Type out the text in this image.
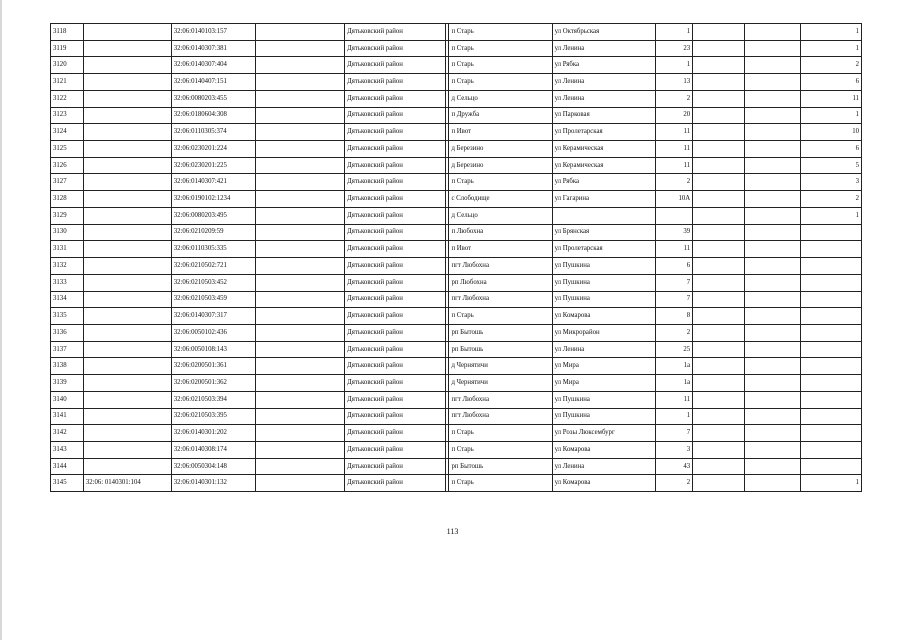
3118		32:06:0140103:157		Дятьковский район		п Старь	ул Октябрьская	1			1
3119		32:06:0140307:381		Дятьковский район		п Старь	ул Ленина	23			1
3120		32:06:0140307:404		Дятьковский район		п Старь	ул Рябка	1			2
3121		32:06:0140407:151		Дятьковский район		п Старь	ул Ленина	13			6
3122		32:06:0080203:455		Дятьковский район		д Сельцо	ул Ленина	2			11
3123		32:06:0180604:308		Дятьковский район		п Дружба	ул Парковая	20			1
3124		32:06:0110305:374		Дятьковский район		п Ивот	ул Пролетарская	11			10
3125		32:06:0230201:224		Дятьковский район		д Березино	ул Керамическая	11			6
3126		32:06:0230201:225		Дятьковский район		д Березино	ул Керамическая	11			5
3127		32:06:0140307:421		Дятьковский район		п Старь	ул Рябка	2			3
3128		32:06:0190102:1234		Дятьковский район		с Слободище	ул Гагарина	10А			2
3129		32:06:0080203:495		Дятьковский район		д Сельцо					1
3130		32:06:0210209:59		Дятьковский район		п Любохна	ул Брянская	39			
3131		32:06:0110305:335		Дятьковский район		п Ивот	ул Пролетарская	11			
3132		32:06:0210502:721		Дятьковский район		пгт Любохна	ул Пушкина	6			
3133		32:06:0210503:452		Дятьковский район		рп Любохна	ул Пушкина	7			
3134		32:06:0210503:459		Дятьковский район		пгт Любохна	ул Пушкина	7			
3135		32:06:0140307:317		Дятьковский район		п Старь	ул Комарова	8			
3136		32:06:0050102:436		Дятьковский район		рп Бытошь	ул Микрорайон	2			
3137		32:06:0050108:143		Дятьковский район		рп Бытошь	ул Ленина	25			
3138		32:06:0200501:361		Дятьковский район		д Чернятичи	ул Мира	1а			
3139		32:06:0200501:362		Дятьковский район		д Чернятичи	ул Мира	1а			
3140		32:06:0210503:394		Дятьковский район		пгт Любохна	ул Пушкина	11			
3141		32:06:0210503:395		Дятьковский район		пгт Любохна	ул Пушкина	1			
3142		32:06:0140301:202		Дятьковский район		п Старь	ул Розы Люксембург	7			
3143		32:06:0140308:174		Дятьковский район		п Старь	ул Комарова	3			
3144		32:06:0050304:148		Дятьковский район		рп Бытошь	ул Ленина	43			
3145	32:06: 0140301:104	32:06:0140301:132		Дятьковский район		п Старь	ул Комарова	2			1
113
